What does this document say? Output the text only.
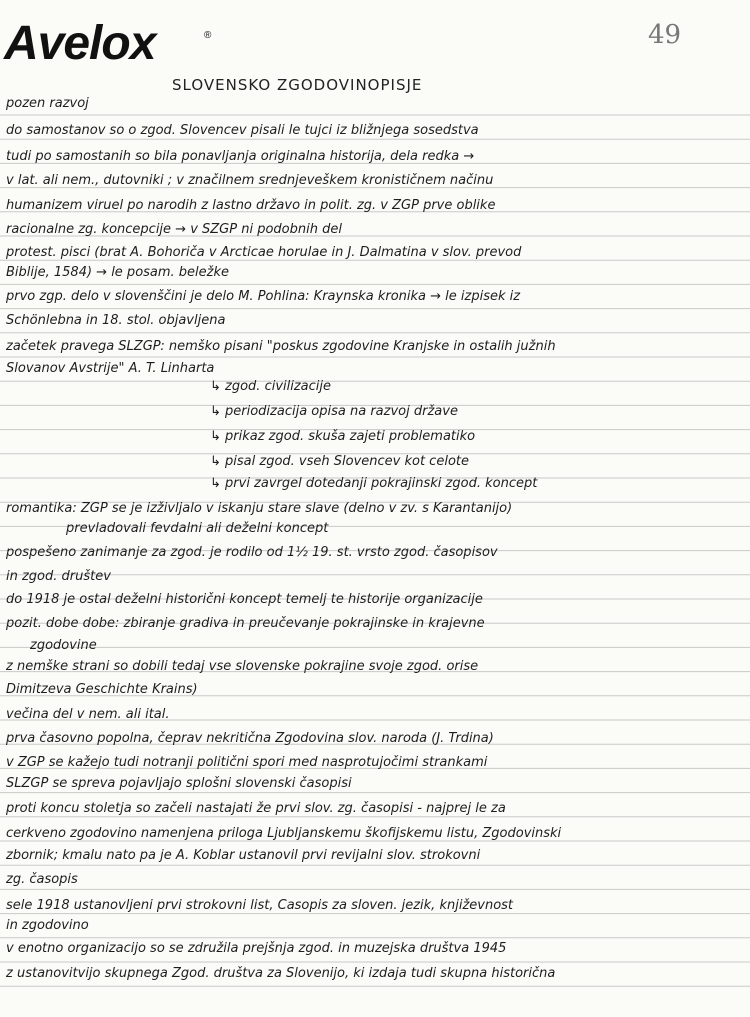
Avelox	®	49
SLOVENSKO ZGODOVINOPISJE
pozen razvoj
do samostanov so o zgod. Slovencev pisali le tujci iz bližnjega sosedstva
tudi po samostanih so bila ponavljanja originalna historija, dela redka →
v lat. ali nem., dutovniki ; v značilnem srednjeveškem kronističnem načinu
humanizem viruel po narodih z lastno državo in polit. zg. v ZGP prve oblike
racionalne zg. koncepcije → v SZGP ni podobnih del
protest. pisci (brat A. Bohoriča v Arcticae horulae in J. Dalmatina v slov. prevod
Biblije, 1584) → le posam. beležke
prvo zgp. delo v slovenščini je delo M. Pohlina: Kraynska kronika → le izpisek iz
Schönlebna in 18. stol. objavljena
začetek pravega SLZGP: nemško pisani "poskus zgodovine Kranjske in ostalih južnih
Slovanov Avstrije" A. T. Linharta
↳ zgod. civilizacije
↳ periodizacija opisa na razvoj države
↳ prikaz zgod. skuša zajeti problematiko
↳ pisal zgod. vseh Slovencev kot celote
↳ prvi zavrgel dotedanji pokrajinski zgod. koncept
romantika: ZGP se je izživljalo v iskanju stare slave (delno v zv. s Karantanijo)
prevladovali fevdalni ali deželni koncept
pospešeno zanimanje za zgod. je rodilo od 1½ 19. st. vrsto zgod. časopisov
in zgod. društev
do 1918 je ostal deželni historični koncept temelj te historije organizacije
pozit. dobe dobe: zbiranje gradiva in preučevanje pokrajinske in krajevne
zgodovine
z nemške strani so dobili tedaj vse slovenske pokrajine svoje zgod. orise
Dimitzeva Geschichte Krains)
večina del v nem. ali ital.
prva časovno popolna, čeprav nekritična Zgodovina slov. naroda (J. Trdina)
v ZGP se kažejo tudi notranji politični spori med nasprotujočimi strankami
SLZGP se spreva pojavljajo splošni slovenski časopisi
proti koncu stoletja so začeli nastajati že prvi slov. zg. časopisi - najprej le za
cerkveno zgodovino namenjena priloga Ljubljanskemu škofijskemu listu, Zgodovinski
zbornik; kmalu nato pa je A. Koblar ustanovil prvi revijalni slov. strokovni
zg. časopis
sele 1918 ustanovljeni prvi strokovni list, Časopis za sloven. jezik, književnost
in zgodovino
v enotno organizacijo so se združila prejšnja zgod. in muzejska društva 1945
z ustanovitvijo skupnega Zgod. društva za Slovenijo, ki izdaja tudi skupna historična
